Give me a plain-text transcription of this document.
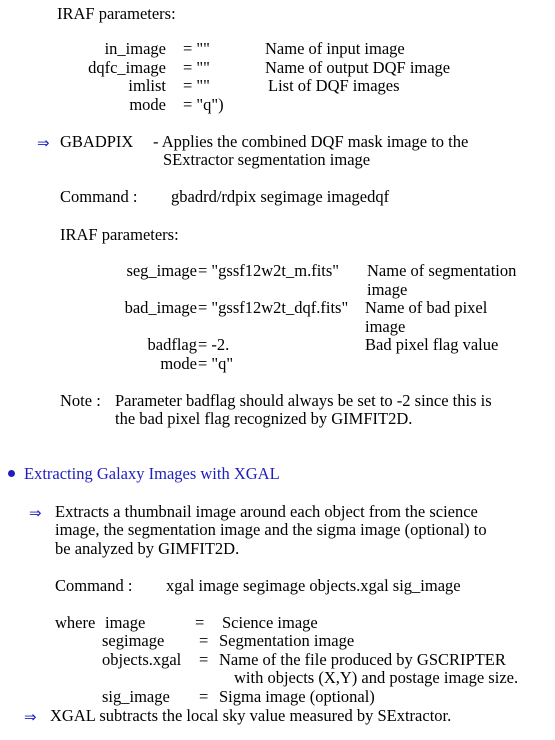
IRAF parameters:
in_image = ""	Name of input image
dqfc_image = ""	Name of output DQF image
imlist = ""	List of DQF images
mode = "q")
⇒ GBADPIX - Applies the combined DQF mask image to the
SExtractor segmentation image
Command : gbadrd/rdpix segimage imagedqf
IRAF parameters:
seg_image = "gssf12w2t_m.fits" Name of segmentation
image
bad_image = "gssf12w2t_dqf.fits" Name of bad pixel
image
badflag = -2.	Bad pixel flag value
mode = "q"
Note : Parameter badflag should always be set to -2 since this is
the bad pixel flag recognized by GIMFIT2D.
Extracting Galaxy Images with XGAL
⇒ Extracts a thumbnail image around each object from the science
image, the segmentation image and the sigma image (optional) to
be analyzed by GIMFIT2D.
Command : xgal image segimage objects.xgal sig_image
where image	= Science image
segimage = Segmentation image
objects.xgal = Name of the file produced by GSCRIPTER
with objects (X,Y) and postage image size.
sig_image = Sigma image (optional)
⇒ XGAL subtracts the local sky value measured by SExtractor.
